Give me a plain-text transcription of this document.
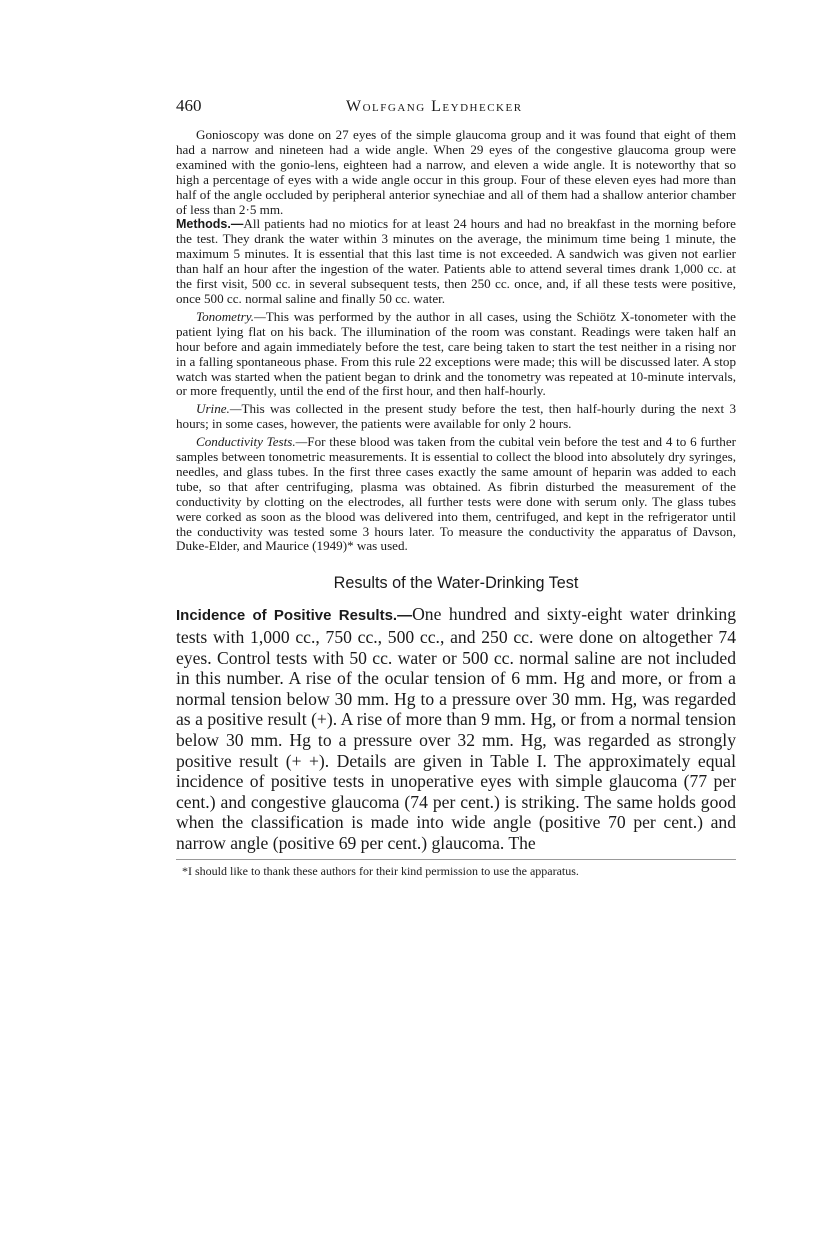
460	Wolfgang Leydhecker

Gonioscopy was done on 27 eyes of the simple glaucoma group and it was found that eight of them had a narrow and nineteen had a wide angle. When 29 eyes of the congestive glaucoma group were examined with the gonio-lens, eighteen had a narrow, and eleven a wide angle. It is noteworthy that so high a percentage of eyes with a wide angle occur in this group. Four of these eleven eyes had more than half of the angle occluded by peripheral anterior synechiae and all of them had a shallow anterior chamber of less than 2·5 mm.

Methods.—All patients had no miotics for at least 24 hours and had no breakfast in the morning before the test. They drank the water within 3 minutes on the average, the minimum time being 1 minute, the maximum 5 minutes. It is essential that this last time is not exceeded. A sandwich was given not earlier than half an hour after the ingestion of the water. Patients able to attend several times drank 1,000 cc. at the first visit, 500 cc. in several subsequent tests, then 250 cc. once, and, if all these tests were positive, once 500 cc. normal saline and finally 50 cc. water.

Tonometry.—This was performed by the author in all cases, using the Schiötz X-tonometer with the patient lying flat on his back. The illumination of the room was constant. Readings were taken half an hour before and again immediately before the test, care being taken to start the test neither in a rising nor in a falling spontaneous phase. From this rule 22 exceptions were made; this will be discussed later. A stop watch was started when the patient began to drink and the tonometry was repeated at 10-minute intervals, or more frequently, until the end of the first hour, and then half-hourly.

Urine.—This was collected in the present study before the test, then half-hourly during the next 3 hours; in some cases, however, the patients were available for only 2 hours.

Conductivity Tests.—For these blood was taken from the cubital vein before the test and 4 to 6 further samples between tonometric measurements. It is essential to collect the blood into absolutely dry syringes, needles, and glass tubes. In the first three cases exactly the same amount of heparin was added to each tube, so that after centrifuging, plasma was obtained. As fibrin disturbed the measurement of the conductivity by clotting on the electrodes, all further tests were done with serum only. The glass tubes were corked as soon as the blood was delivered into them, centrifuged, and kept in the refrigerator until the conductivity was tested some 3 hours later. To measure the conductivity the apparatus of Davson, Duke-Elder, and Maurice (1949)* was used.

Results of the Water-Drinking Test

Incidence of Positive Results.—One hundred and sixty-eight water drinking tests with 1,000 cc., 750 cc., 500 cc., and 250 cc. were done on altogether 74 eyes. Control tests with 50 cc. water or 500 cc. normal saline are not included in this number. A rise of the ocular tension of 6 mm. Hg and more, or from a normal tension below 30 mm. Hg to a pressure over 30 mm. Hg, was regarded as a positive result (+). A rise of more than 9 mm. Hg, or from a normal tension below 30 mm. Hg to a pressure over 32 mm. Hg, was regarded as strongly positive result (+ +). Details are given in Table I. The approximately equal incidence of positive tests in unoperative eyes with simple glaucoma (77 per cent.) and congestive glaucoma (74 per cent.) is striking. The same holds good when the classification is made into wide angle (positive 70 per cent.) and narrow angle (positive 69 per cent.) glaucoma. The

*I should like to thank these authors for their kind permission to use the apparatus.
